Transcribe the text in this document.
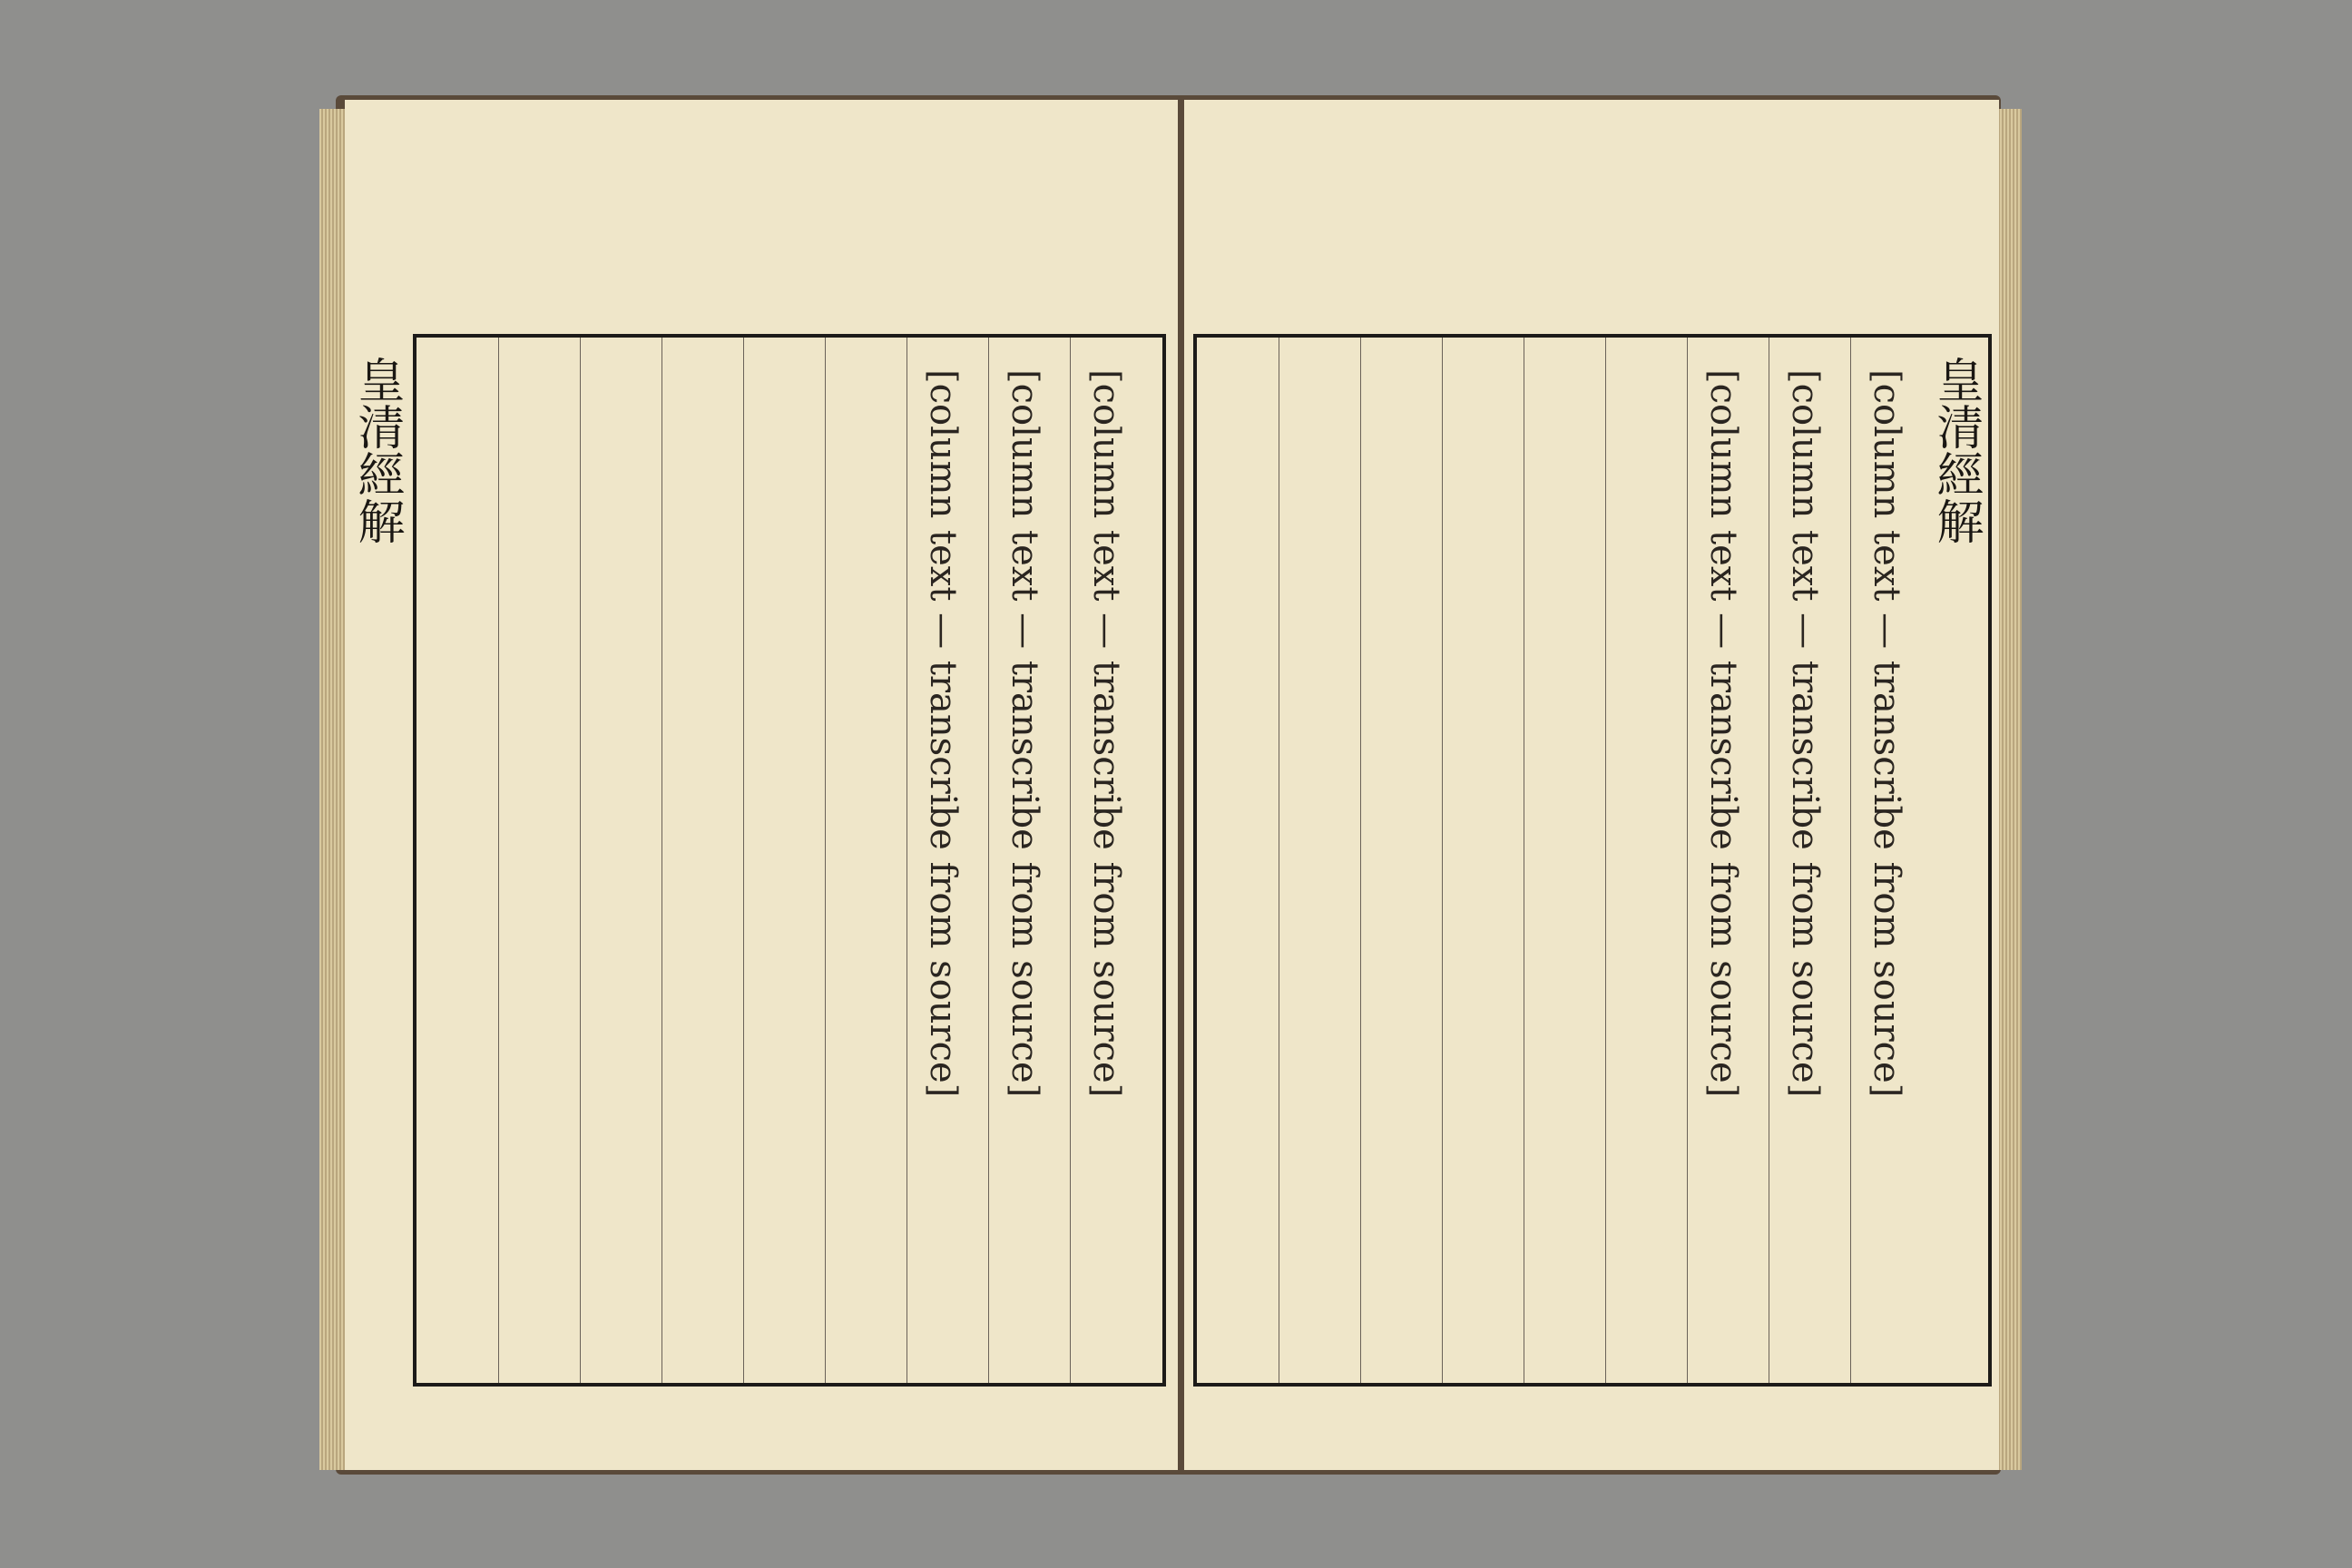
皇清經解	[column text — transcribe from source]
[column text — transcribe from source]
[column text — transcribe from source]	皇清經解
[column text — transcribe from source]
[column text — transcribe from source]
[column text — transcribe from source]
